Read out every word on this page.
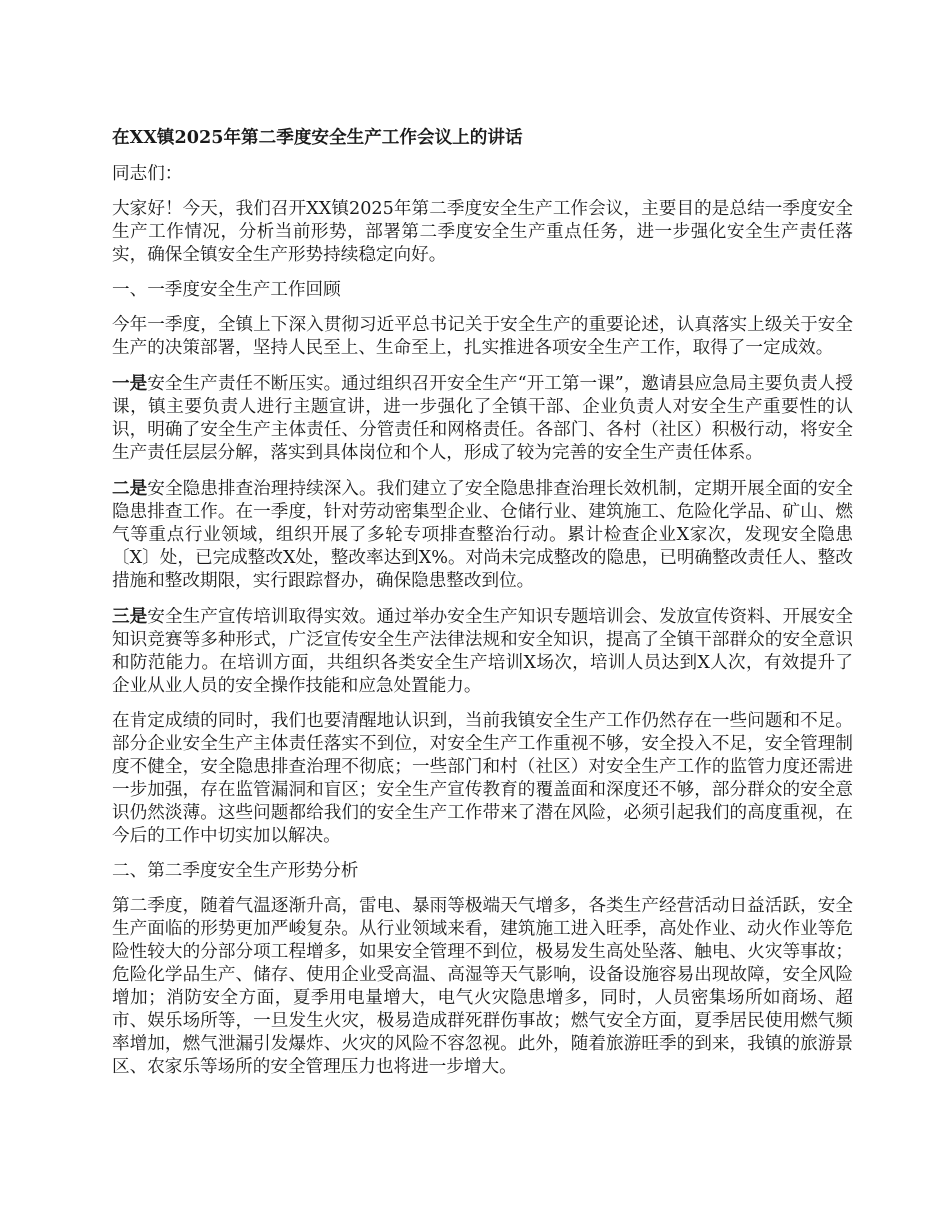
在XX镇2025年第二季度安全生产工作会议上的讲话

同志们：

大家好！今天，我们召开XX镇2025年第二季度安全生产工作会议，主要目的是总结一季度安全生产工作情况，分析当前形势，部署第二季度安全生产重点任务，进一步强化安全生产责任落实，确保全镇安全生产形势持续稳定向好。

一、一季度安全生产工作回顾

今年一季度，全镇上下深入贯彻习近平总书记关于安全生产的重要论述，认真落实上级关于安全生产的决策部署，坚持人民至上、生命至上，扎实推进各项安全生产工作，取得了一定成效。

一是安全生产责任不断压实。通过组织召开安全生产“开工第一课”，邀请县应急局主要负责人授课，镇主要负责人进行主题宣讲，进一步强化了全镇干部、企业负责人对安全生产重要性的认识，明确了安全生产主体责任、分管责任和网格责任。各部门、各村（社区）积极行动，将安全生产责任层层分解，落实到具体岗位和个人，形成了较为完善的安全生产责任体系。

二是安全隐患排查治理持续深入。我们建立了安全隐患排查治理长效机制，定期开展全面的安全隐患排查工作。在一季度，针对劳动密集型企业、仓储行业、建筑施工、危险化学品、矿山、燃气等重点行业领域，组织开展了多轮专项排查整治行动。累计检查企业X家次，发现安全隐患〔X〕处，已完成整改X处，整改率达到X%。对尚未完成整改的隐患，已明确整改责任人、整改措施和整改期限，实行跟踪督办，确保隐患整改到位。

三是安全生产宣传培训取得实效。通过举办安全生产知识专题培训会、发放宣传资料、开展安全知识竞赛等多种形式，广泛宣传安全生产法律法规和安全知识，提高了全镇干部群众的安全意识和防范能力。在培训方面，共组织各类安全生产培训X场次，培训人员达到X人次，有效提升了企业从业人员的安全操作技能和应急处置能力。

在肯定成绩的同时，我们也要清醒地认识到，当前我镇安全生产工作仍然存在一些问题和不足。部分企业安全生产主体责任落实不到位，对安全生产工作重视不够，安全投入不足，安全管理制度不健全，安全隐患排查治理不彻底；一些部门和村（社区）对安全生产工作的监管力度还需进一步加强，存在监管漏洞和盲区；安全生产宣传教育的覆盖面和深度还不够，部分群众的安全意识仍然淡薄。这些问题都给我们的安全生产工作带来了潜在风险，必须引起我们的高度重视，在今后的工作中切实加以解决。

二、第二季度安全生产形势分析

第二季度，随着气温逐渐升高，雷电、暴雨等极端天气增多，各类生产经营活动日益活跃，安全生产面临的形势更加严峻复杂。从行业领域来看，建筑施工进入旺季，高处作业、动火作业等危险性较大的分部分项工程增多，如果安全管理不到位，极易发生高处坠落、触电、火灾等事故；危险化学品生产、储存、使用企业受高温、高湿等天气影响，设备设施容易出现故障，安全风险增加；消防安全方面，夏季用电量增大，电气火灾隐患增多，同时，人员密集场所如商场、超市、娱乐场所等，一旦发生火灾，极易造成群死群伤事故；燃气安全方面，夏季居民使用燃气频率增加，燃气泄漏引发爆炸、火灾的风险不容忽视。此外，随着旅游旺季的到来，我镇的旅游景区、农家乐等场所的安全管理压力也将进一步增大。
